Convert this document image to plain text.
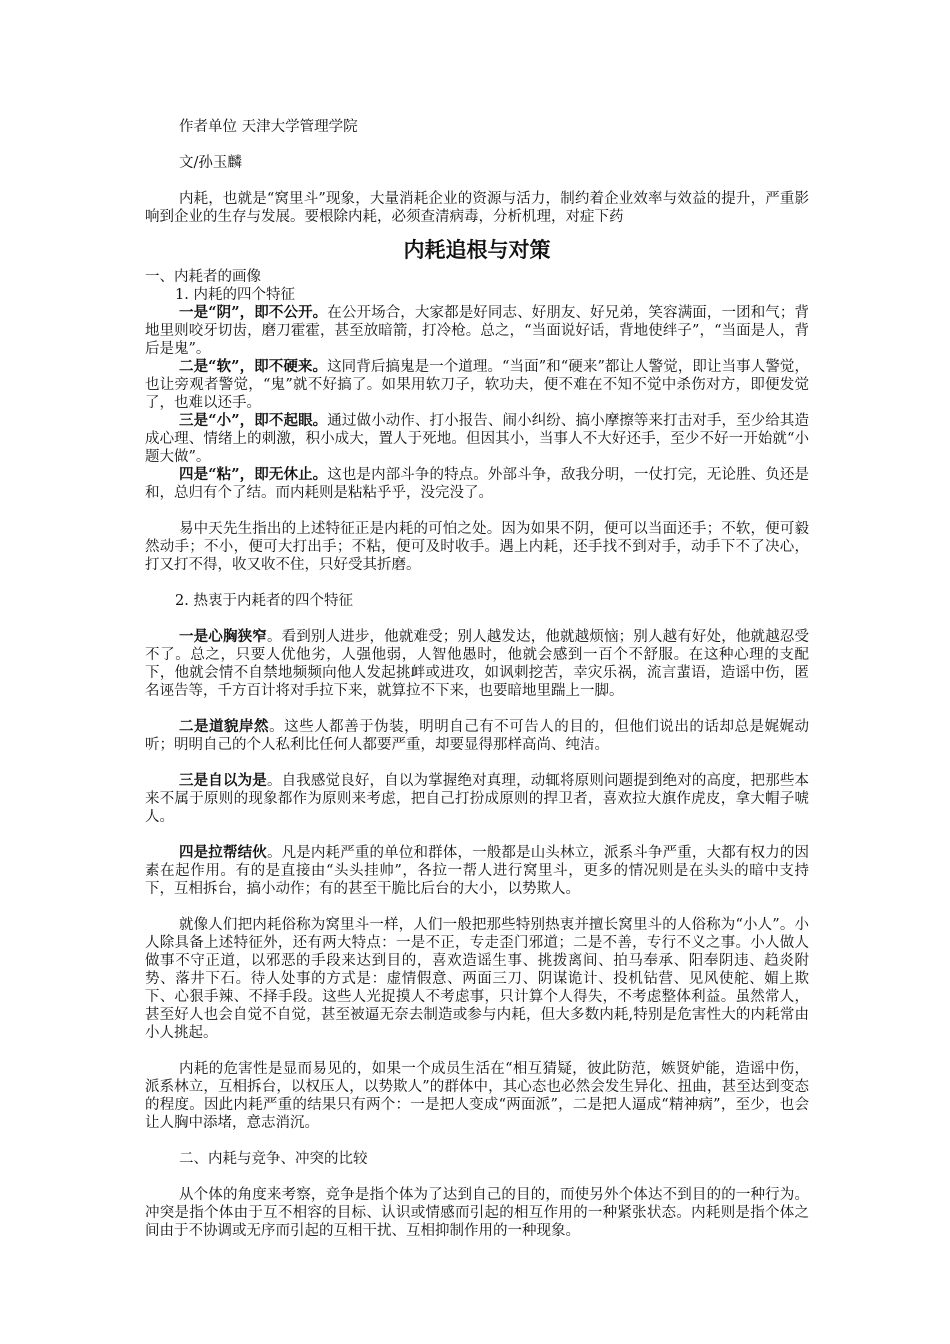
作者单位 天津大学管理学院

文/孙玉麟

内耗，也就是“窝里斗”现象，大量消耗企业的资源与活力，制约着企业效率与效益的提升，严重影响到企业的生存与发展。要根除内耗，必须查清病毒，分析机理，对症下药

内耗追根与对策

一、内耗者的画像

1. 内耗的四个特征

一是“阴”，即不公开。在公开场合，大家都是好同志、好朋友、好兄弟，笑容满面，一团和气；背地里则咬牙切齿，磨刀霍霍，甚至放暗箭，打冷枪。总之，“当面说好话，背地使绊子”，“当面是人，背后是鬼”。

二是“软”，即不硬来。这同背后搞鬼是一个道理。“当面”和“硬来”都让人警觉，即让当事人警觉，也让旁观者警觉，“鬼”就不好搞了。如果用软刀子，软功夫，便不难在不知不觉中杀伤对方，即便发觉了，也难以还手。

三是“小”，即不起眼。通过做小动作、打小报告、闹小纠纷、搞小摩擦等来打击对手，至少给其造成心理、情绪上的刺激，积小成大，置人于死地。但因其小，当事人不大好还手，至少不好一开始就“小题大做”。

四是“粘”，即无休止。这也是内部斗争的特点。外部斗争，敌我分明，一仗打完，无论胜、负还是和，总归有个了结。而内耗则是粘粘乎乎，没完没了。

易中天先生指出的上述特征正是内耗的可怕之处。因为如果不阴，便可以当面还手；不软，便可毅然动手；不小，便可大打出手；不粘，便可及时收手。遇上内耗，还手找不到对手，动手下不了决心，打又打不得，收又收不住，只好受其折磨。

2. 热衷于内耗者的四个特征

一是心胸狭窄。看到别人进步，他就难受；别人越发达，他就越烦恼；别人越有好处，他就越忍受不了。总之，只要人优他劣，人强他弱，人智他愚时，他就会感到一百个不舒服。在这种心理的支配下，他就会情不自禁地频频向他人发起挑衅或进攻，如讽刺挖苦，幸灾乐祸，流言蜚语，造谣中伤，匿名诬告等，千方百计将对手拉下来，就算拉不下来，也要暗地里踹上一脚。

二是道貌岸然。这些人都善于伪装，明明自己有不可告人的目的，但他们说出的话却总是娓娓动听；明明自己的个人私利比任何人都要严重，却要显得那样高尚、纯洁。

三是自以为是。自我感觉良好，自以为掌握绝对真理，动辄将原则问题提到绝对的高度，把那些本来不属于原则的现象都作为原则来考虑，把自己打扮成原则的捍卫者，喜欢拉大旗作虎皮，拿大帽子唬人。

四是拉帮结伙。凡是内耗严重的单位和群体，一般都是山头林立，派系斗争严重，大都有权力的因素在起作用。有的是直接由“头头挂帅”，各拉一帮人进行窝里斗，更多的情况则是在头头的暗中支持下，互相拆台，搞小动作；有的甚至干脆比后台的大小，以势欺人。

就像人们把内耗俗称为窝里斗一样，人们一般把那些特别热衷并擅长窝里斗的人俗称为“小人”。小人除具备上述特征外，还有两大特点：一是不正，专走歪门邪道；二是不善，专行不义之事。小人做人做事不守正道，以邪恶的手段来达到目的，喜欢造谣生事、挑拨离间、拍马奉承、阳奉阴违、趋炎附势、落井下石。待人处事的方式是：虚情假意、两面三刀、阴谋诡计、投机钻营、见风使舵、媚上欺下、心狠手辣、不择手段。这些人光捉摸人不考虑事，只计算个人得失，不考虑整体利益。虽然常人，甚至好人也会自觉不自觉，甚至被逼无奈去制造或参与内耗，但大多数内耗,特别是危害性大的内耗常由小人挑起。

内耗的危害性是显而易见的，如果一个成员生活在“相互猜疑，彼此防范，嫉贤妒能，造谣中伤，派系林立，互相拆台，以权压人，以势欺人”的群体中，其心态也必然会发生异化、扭曲，甚至达到变态的程度。因此内耗严重的结果只有两个：一是把人变成“两面派”，二是把人逼成“精神病”，至少，也会让人胸中添堵，意志消沉。

二、内耗与竞争、冲突的比较

从个体的角度来考察，竞争是指个体为了达到自己的目的，而使另外个体达不到目的的一种行为。冲突是指个体由于互不相容的目标、认识或情感而引起的相互作用的一种紧张状态。内耗则是指个体之间由于不协调或无序而引起的互相干扰、互相抑制作用的一种现象。
